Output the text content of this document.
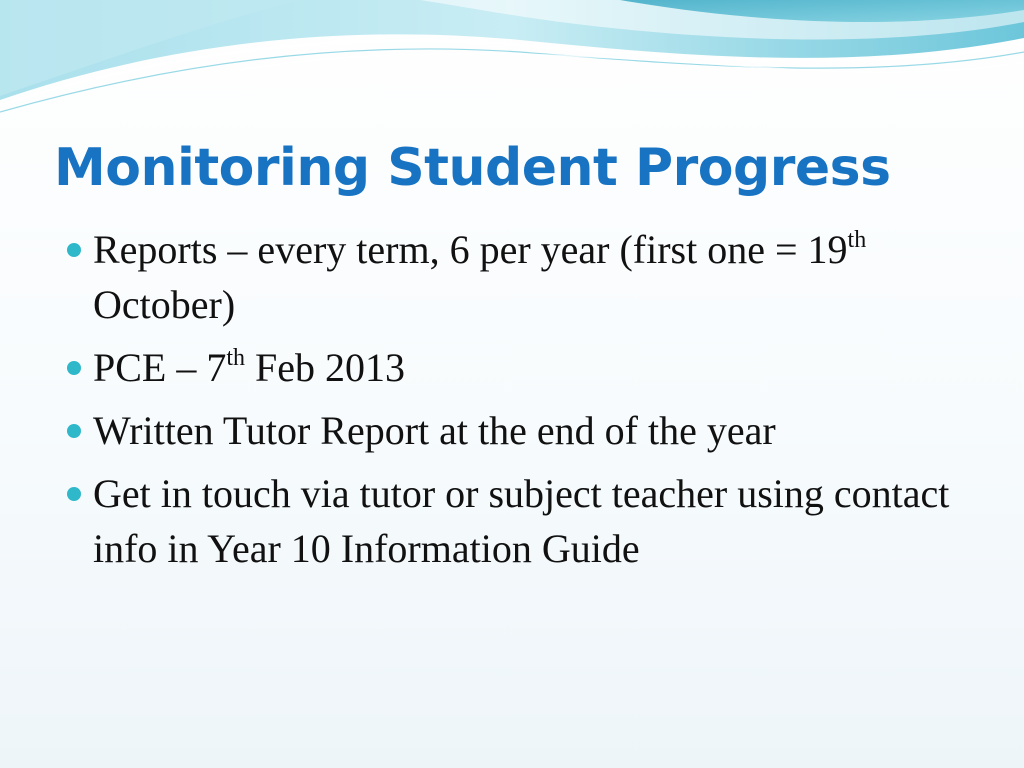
Monitoring Student Progress
Reports – every term, 6 per year (first one = 19th October)
PCE – 7th Feb 2013
Written Tutor Report at the end of the year
Get in touch via tutor or subject teacher using contact info in Year 10 Information Guide
